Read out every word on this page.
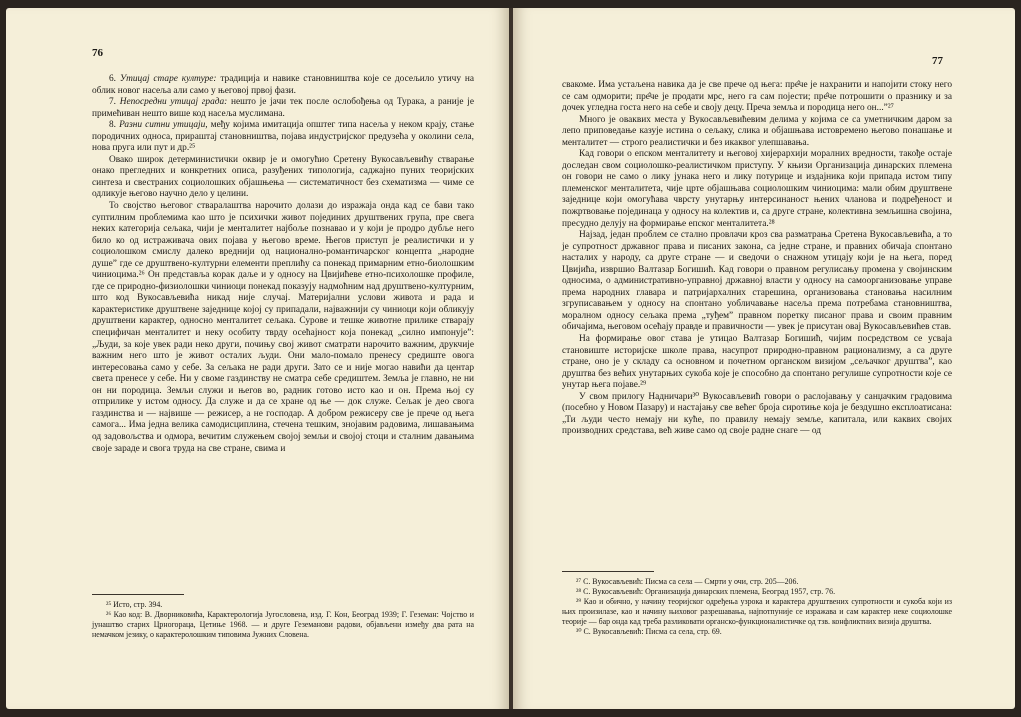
76

6. Утицај старе културе: традиција и навике становништва које се досељило утичу на облик новог насеља али само у његовој првој фази.

7. Непосредни утицај градa: нешто је јачи тек после ослобођења од Турака, а раније је примећиван нешто више код насеља муслимана.

8. Разни ситни утицаји, међу којима имитација општег типа насеља у неком крају, стање породичних односа, прираштај становништва, појава индустријског предузећа у околини села, нова пруга или пут и др.²⁵

Овако широк детерминистички оквир је и омогућио Сретену Вукосављевићу стварање онако прегледних и конкретних описа, разуђених типологија, саджајно пуних теоријских синтеза и свестраних социолошких објашњења — систематичност без схематизма — чиме се одликује његово научно дело у целини.

То својство његовог стваралаштва нарочито долази до изражаја онда кад се бави тако суптилним проблемима као што је психички живот појединих друштвених група, пре свега неких категорија сељака, чији је менталитет најбоље познавао и у који је продро дубље него било ко од истраживача ових појава у његово време. Његов приступ је реалистички и у социолошком смислу далеко вреднији од национално-романтичарског концепта „народне душе” где се друштвено-културни елементи преплићу са понекад примарним етно-биолошким чиниоцима.²⁶ Он представља корак даље и у односу на Цвијићеве етно-психолошке профиле, где се природно-физиолошки чиниоци понекад показују надмоћним над друштвено-културним, што код Вукосављевића никад није случај. Материјални услови живота и рада и карактеристике друштвене заједнице којој су припадали, најважнији су чиниоци који обликују друштвени карактер, односно менталитет сељака. Суровe и тешке животне прилике стварају специфичан менталитет и неку особиту тврду осећајност која понекад „силно импонује”: „Људи, за које увек ради нeко други, почињу свој живот сматрати нарочито важним, друкчије важним него што је живот осталих људи. Они мало-помало пренесу средиште овога интересовања само у себе. За сељака не ради други. Зато се и није могао навићи да центар света пренесе у себе. Ни у своме газдинству не сматра себе средиштем. Земља је главно, не ни он ни породица. Земљи служи и његов во, радник готово исто као и он. Према њој су отприлике у истом односу. Да служе и да се хране од ње — док служе. Сељак је део свога газдинства и — највише — режисер, а не господар. А добром режисеру све је прече од њега самога... Има једна велика самодисциплина, стечена тешким, знојавим радовима, лишавањима од задовољства и одмора, вечитим служењем својој земљи и својој стоци и сталним давањима своје зараде и свога труда на све стране, свима и

²⁵ Исто, стр. 394.

²⁶ Као код: В. Дворниковића, Карактерологија Југословена, изд. Г. Кон, Београд 1939; Г. Геземан: Чојство и јунаштво старих Црногораца, Цетиње 1968. — и друге Геземанови радови, објављени између два рата на немачком језику, о карактеролошким типовима Јужних Словена.

77

свакоме. Има устаљена навика да је све прече од њега: пре̂че је нахранити и напојити стоку него се сам одморити; пре̂че је продати мрс, него га сам појести; пре̂че потрошити о празнику и за дочек угледна госта него на себе и своју децу. Преча земља и породица него он...”²⁷

Много је оваквих места у Вукосављевићевим делима у којима се са уметничким даром за лепо приповедање казује истина о сељаку, слика и објашњава истовремено његово понашање и менталитет — строго реалистички и без икаквог улепшавања.

Кад говори о епском менталитету и његовој хијерархији моралних вредности, такође остаје доследан свом социолошко-реалистичком приступу. У књизи Организација динарских племена он говори не само о лику јунака него и лику потурице и издајника који припада истом типу племенског менталитета, чије црте објашњава социолошким чиниоцима: мали обим друштвене заједнице који омогућава чврсту унутарњу интерсинаност њених чланова и подређеност и пожртвовање појединаца у односу на колектив и, са друге стране, колективна земљишна својина, пресудно делују на формирање епског менталитета.²⁸

Најзад, један проблем се стално провлачи кроз сва разматрања Сретена Вукосављевића, а то је супротност државног права и писаних закона, са једне стране, и правних обичаја спонтано насталих у народу, са друге стране — и сведочи о снажном утицају који је на њега, поред Цвијића, извршио Валтазар Богишић. Кад говори о правном регулисању промена у својинским односима, о административно-управној државној власти у односу на самоорганизовање управе према народних главара и патријархалних старешина, организовања становања насилним згруписавањем у односу на спонтано уобличавање насеља према потребама становништва, моралном односу сељака према „туђем” правном поретку писаног права и своим правним обичајима, његовом осећају правде и правичности — увек је присутан овај Вукосављевићев став.

На формирање овог става је утицао Валтазар Богишић, чијим посредством се усваја становиште историјске школе права, насупрот природно-правном рационализму, а са друге стране, оно је у складу са основном и почетном органском визијом „сељачког друштва”, као друштва без већих унутарњих сукоба које је способно да спонтано регулише супротности које се унутар њега појаве.²⁹

У свом прилогу Надничари³⁰ Вукосављевић говори о раслојавању у санџачким градовима (посебно у Новом Пазару) и настајању све већег броја сиротиње која је бездушно експлоатисана: „Ти људи често немају ни куће, по правилу немају земље, капитала, или каквих својих производних средстава, већ живе само од своје радне снаге — од

²⁷ С. Вукосављевић: Писма са села — Смрти у очи, стр. 205—206.

²⁸ С. Вукосављевић: Организација динарских племена, Београд 1957, стр. 76.

²⁹ Као и обично, у начину теоријског одређења узрока и карактера друштвених супротности и сукоба који из њих произилазе, као и начину њиховог разрешавања, најпотпуније се изражава и сам карактер неке социолошке теорије — бар онда кад треба разликовати органско-функционалистичке од тзв. конфликтних визија друштва.

³⁰ С. Вукосављевић: Писма са села, стр. 69.
